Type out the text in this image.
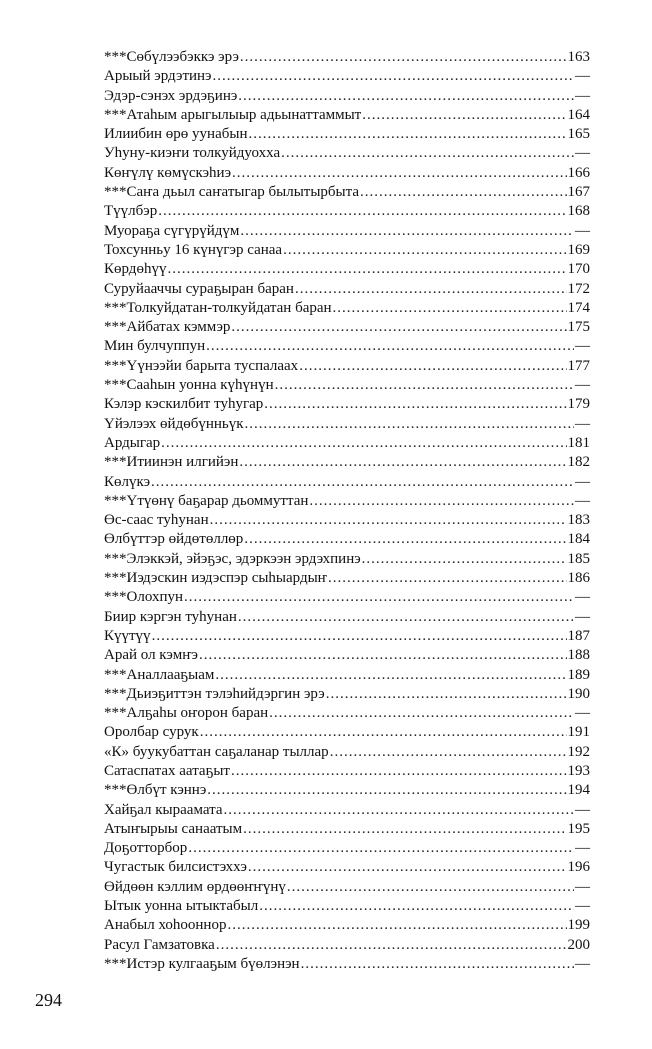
***Сөбүлээбэккэ эрэ .....	163
Арыый эрдэтинэ .....	—
Эдэр-сэнэх эрдэҕинэ .....	—
***Атаһым арыгылыыр адьынаттаммыт .....	164
Илиибин өрө уунабын .....	165
Уһуну-киэҥи толкуйдуохха .....	—
Көҥүлү көмүскэһиэ .....	166
***Саҥа дьыл саҥатыгар былытырбыта .....	167
Түүлбэр .....	168
Муораҕа сүгүрүйдүм .....	—
Тохсунньу 16 күнүгэр санаа .....	169
Көрдөһүү .....	170
Суруйааччы сураҕыран баран .....	172
***Толкуйдатан-толкуйдатан баран .....	174
***Айбатах кэммэр .....	175
Мин булчуппун .....	—
***Үүнээйи барыта туспалаах .....	177
***Сааһын уонна күһүнүн .....	—
Кэлэр кэскилбит туһугар .....	179
Үйэлээх өйдөбүнньүк .....	—
Ардыгар .....	181
***Итиинэн илгийэн .....	182
Көлүкэ .....	—
***Үтүөнү баҕарар дьоммуттан .....	—
Өс-саас туһунан .....	183
Өлбүттэр өйдөтөллөр .....	184
***Элэккэй, эйэҕэс, эдэркээн эрдэхпинэ .....	185
***Иэдэскин иэдэспэр сыһыардыҥ .....	186
***Олохпун .....	—
Биир кэргэн туһунан .....	—
Күүтүү .....	187
Арай ол кэмҥэ .....	188
***Аналлааҕыам .....	189
***Дьиэҕиттэн тэлэһийдэргин эрэ .....	190
***Алҕаһы оҥорон баран .....	—
Оролбар сурук .....	191
«К» буукубаттан саҕаланар тыллар .....	192
Сатаспатах аатаҕыт .....	193
***Өлбүт кэннэ .....	194
Хайҕал кыраамата .....	—
Атыҥырыы санаатым .....	195
Доҕотторбор .....	—
Чугастык билсистэххэ .....	196
Өйдөөн кэллим өрдөөҥҥүнү .....	—
Ытык уонна ытыктабыл .....	—
Анабыл хоһооннор .....	199
Расул Гамзатовка .....	200
***Истэр кулгааҕым бүөлэнэн .....	—
294
